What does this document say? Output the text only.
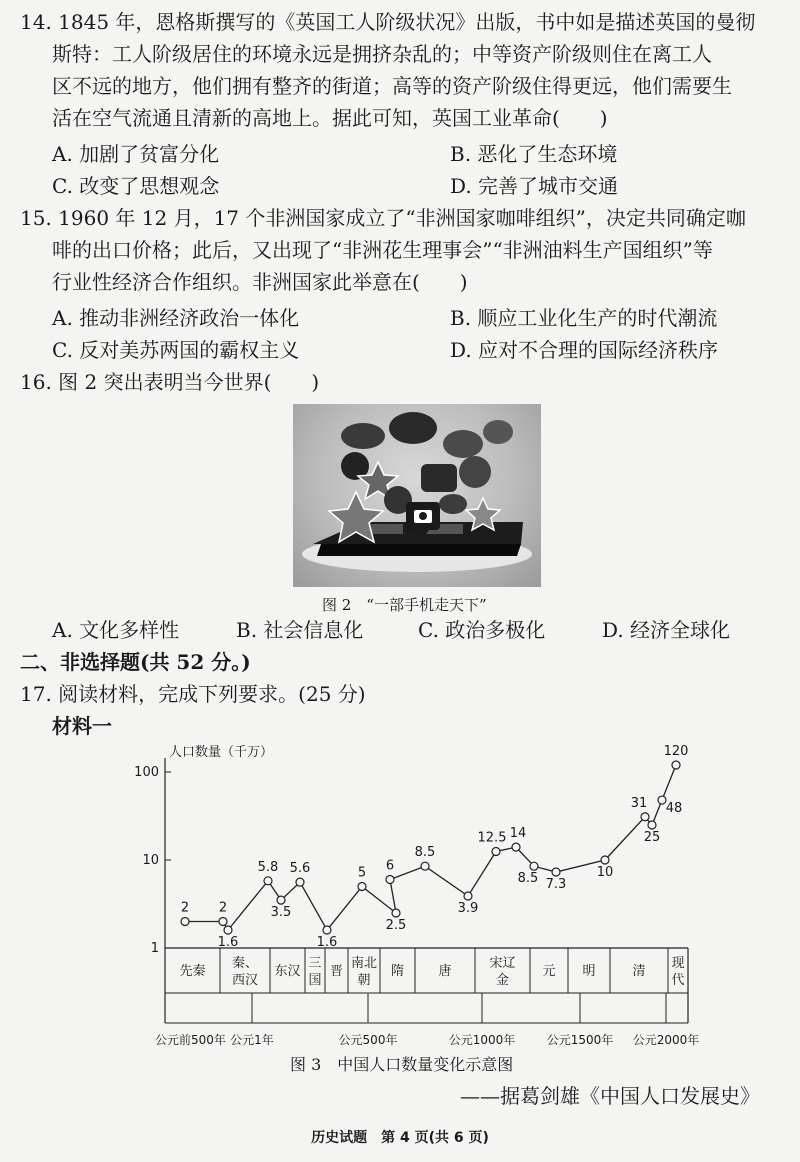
14. 1845 年，恩格斯撰写的《英国工人阶级状况》出版，书中如是描述英国的曼彻
斯特：工人阶级居住的环境永远是拥挤杂乱的；中等资产阶级则住在离工人
区不远的地方，他们拥有整齐的街道；高等的资产阶级住得更远，他们需要生
活在空气流通且清新的高地上。据此可知，英国工业革命(　　)
A. 加剧了贫富分化	B. 恶化了生态环境
C. 改变了思想观念	D. 完善了城市交通
15. 1960 年 12 月，17 个非洲国家成立了“非洲国家咖啡组织”，决定共同确定咖
啡的出口价格；此后，又出现了“非洲花生理事会”“非洲油料生产国组织”等
行业性经济合作组织。非洲国家此举意在(　　)
A. 推动非洲经济政治一体化	B. 顺应工业化生产的时代潮流
C. 反对美苏两国的霸权主义	D. 应对不合理的国际经济秩序
16. 图 2 突出表明当今世界(　　)
图 2　“一部手机走天下”
A. 文化多样性	B. 社会信息化	C. 政治多极化	D. 经济全球化
二、非选择题(共 52 分。)
17. 阅读材料，完成下列要求。(25 分)
材料一
1
10
100
人口数量（千万）
2 2
1.6
5.8
3.5
5.6
1.6
5
2.5
6
8.5
3.9
12.5 14
8.5 7.3
10
31
25
48
120
先秦
秦、
西汉
东汉
三
国
晋
南北
朝
隋	唐
宋辽
金
元 明	清
现
代
公元前500年 公元1年	公元500年	公元1000年	公元1500年 公元2000年
图 3　中国人口数量变化示意图
——据葛剑雄《中国人口发展史》
历史试题　第 4 页(共 6 页)
